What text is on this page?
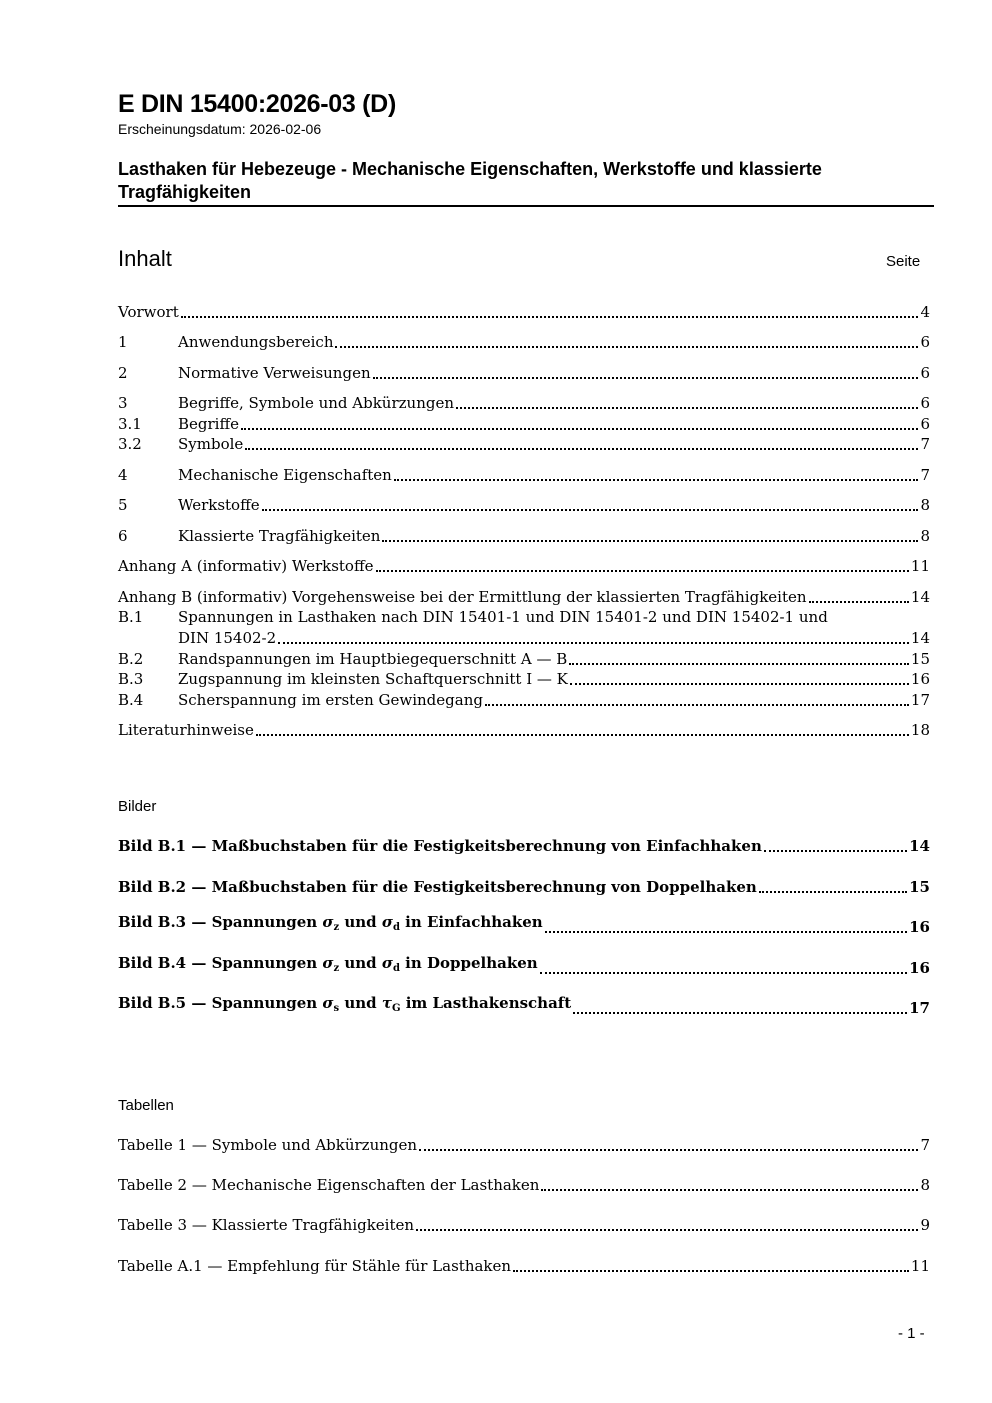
E DIN 15400:2026-03 (D)
Erscheinungsdatum: 2026-02-06
Lasthaken für Hebezeuge - Mechanische Eigenschaften, Werkstoffe und klassierte Tragfähigkeiten
Inhalt	Seite
Vorwort	4
1	Anwendungsbereich	6
2	Normative Verweisungen	6
3	Begriffe, Symbole und Abkürzungen	6
3.1	Begriffe	6
3.2	Symbole	7
4	Mechanische Eigenschaften	7
5	Werkstoffe	8
6	Klassierte Tragfähigkeiten	8
Anhang A (informativ) Werkstoffe	11
Anhang B (informativ) Vorgehensweise bei der Ermittlung der klassierten Tragfähigkeiten	14
B.1	Spannungen in Lasthaken nach DIN 15401-1 und DIN 15401-2 und DIN 15402-1 und
DIN 15402-2	14
B.2	Randspannungen im Hauptbiegequerschnitt A — B	15
B.3	Zugspannung im kleinsten Schaftquerschnitt I — K	16
B.4	Scherspannung im ersten Gewindegang	17
Literaturhinweise	18
Bilder
Bild B.1 — Maßbuchstaben für die Festigkeitsberechnung von Einfachhaken	14
Bild B.2 — Maßbuchstaben für die Festigkeitsberechnung von Doppelhaken	15
Bild B.3 — Spannungen $\sigma_z$ und $\sigma_d$ in Einfachhaken	16
Bild B.4 — Spannungen $\sigma_z$ und $\sigma_d$ in Doppelhaken	16
Bild B.5 — Spannungen $\sigma_s$ und $\tau_G$ im Lasthakenschaft	17
Tabellen
Tabelle 1 — Symbole und Abkürzungen	7
Tabelle 2 — Mechanische Eigenschaften der Lasthaken	8
Tabelle 3 — Klassierte Tragfähigkeiten	9
Tabelle A.1 — Empfehlung für Stähle für Lasthaken	11
- 1 -
